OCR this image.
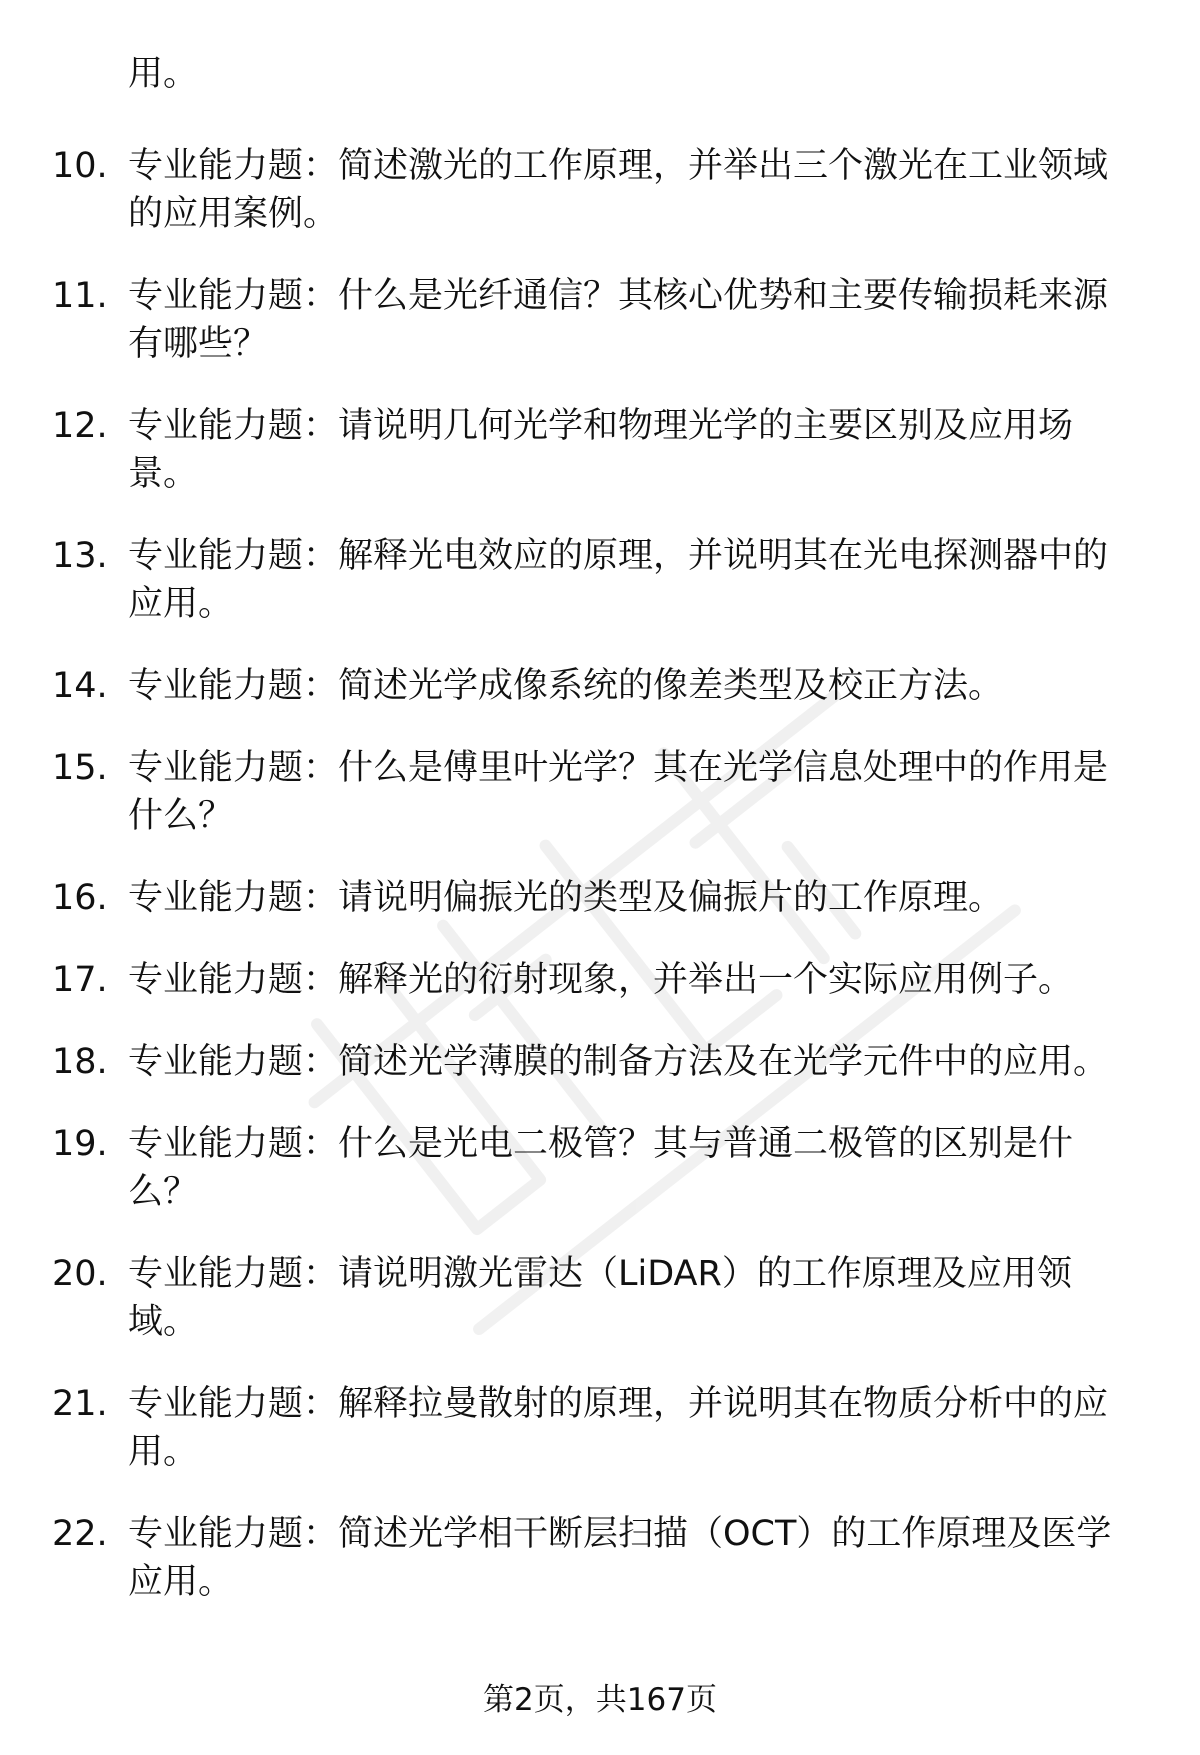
用。
10. 专业能力题：简述激光的工作原理，并举出三个激光在工业领域的应用案例。
11. 专业能力题：什么是光纤通信？其核心优势和主要传输损耗来源有哪些？
12. 专业能力题：请说明几何光学和物理光学的主要区别及应用场景。
13. 专业能力题：解释光电效应的原理，并说明其在光电探测器中的应用。
14. 专业能力题：简述光学成像系统的像差类型及校正方法。
15. 专业能力题：什么是傅里叶光学？其在光学信息处理中的作用是什么？
16. 专业能力题：请说明偏振光的类型及偏振片的工作原理。
17. 专业能力题：解释光的衍射现象，并举出一个实际应用例子。
18. 专业能力题：简述光学薄膜的制备方法及在光学元件中的应用。
19. 专业能力题：什么是光电二极管？其与普通二极管的区别是什么？
20. 专业能力题：请说明激光雷达（LiDAR）的工作原理及应用领域。
21. 专业能力题：解释拉曼散射的原理，并说明其在物质分析中的应用。
22. 专业能力题：简述光学相干断层扫描（OCT）的工作原理及医学应用。
第2页，共167页
